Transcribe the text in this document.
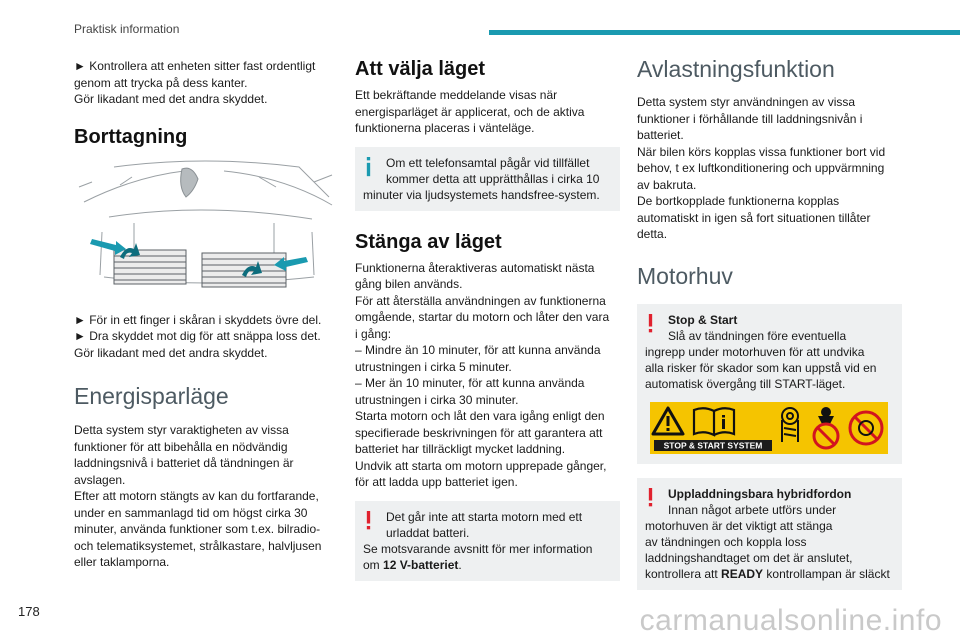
Praktisk information

► Kontrollera att enheten sitter fast ordentligt
genom att trycka på dess kanter.
Gör likadant med det andra skyddet.

Borttagning

► För in ett finger i skåran i skyddets övre del.
► Dra skyddet mot dig för att snäppa loss det.
Gör likadant med det andra skyddet.

Energisparläge

Detta system styr varaktigheten av vissa
funktioner för att bibehålla en nödvändig
laddningsnivå i batteriet då tändningen är
avslagen.
Efter att motorn stängts av kan du fortfarande,
under en sammanlagd tid om högst cirka 30
minuter, använda funktioner som t.ex. bilradio-
och telematiksystemet, strålkastare, halvljusen
eller taklamporna.

Att välja läget

Ett bekräftande meddelande visas när
energisparläget är applicerat, och de aktiva
funktionerna placeras i vänteläge.

Om ett telefonsamtal pågår vid tillfället
kommer detta att upprätthållas i cirka 10
minuter via ljudsystemets handsfree-system.

Stänga av läget

Funktionerna återaktiveras automatiskt nästa
gång bilen används.
För att återställa användningen av funktionerna
omgående, startar du motorn och låter den vara
i gång:
– Mindre än 10 minuter, för att kunna använda
utrustningen i cirka 5 minuter.
– Mer än 10 minuter, för att kunna använda
utrustningen i cirka 30 minuter.
Starta motorn och låt den vara igång enligt den
specifierade beskrivningen för att garantera att
batteriet har tillräckligt mycket laddning.
Undvik att starta om motorn upprepade gånger,
för att ladda upp batteriet igen.

Det går inte att starta motorn med ett
urladdat batteri.
Se motsvarande avsnitt för mer information
om 12 V-batteriet.

Avlastningsfunktion

Detta system styr användningen av vissa
funktioner i förhållande till laddningsnivån i
batteriet.
När bilen körs kopplas vissa funktioner bort vid
behov, t ex luftkonditionering och uppvärmning
av bakruta.
De bortkopplade funktionerna kopplas
automatiskt in igen så fort situationen tillåter
detta.

Motorhuv

Stop & Start
Slå av tändningen före eventuella
ingrepp under motorhuven för att undvika
alla risker för skador som kan uppstå vid en
automatisk övergång till START-läget.

STOP & START SYSTEM

Uppladdningsbara hybridfordon
Innan något arbete utförs under
motorhuven är det viktigt att stänga
av tändningen och koppla loss
laddningshandtaget om det är anslutet,
kontrollera att READY kontrollampan är släckt

178	carmanualsonline.info
